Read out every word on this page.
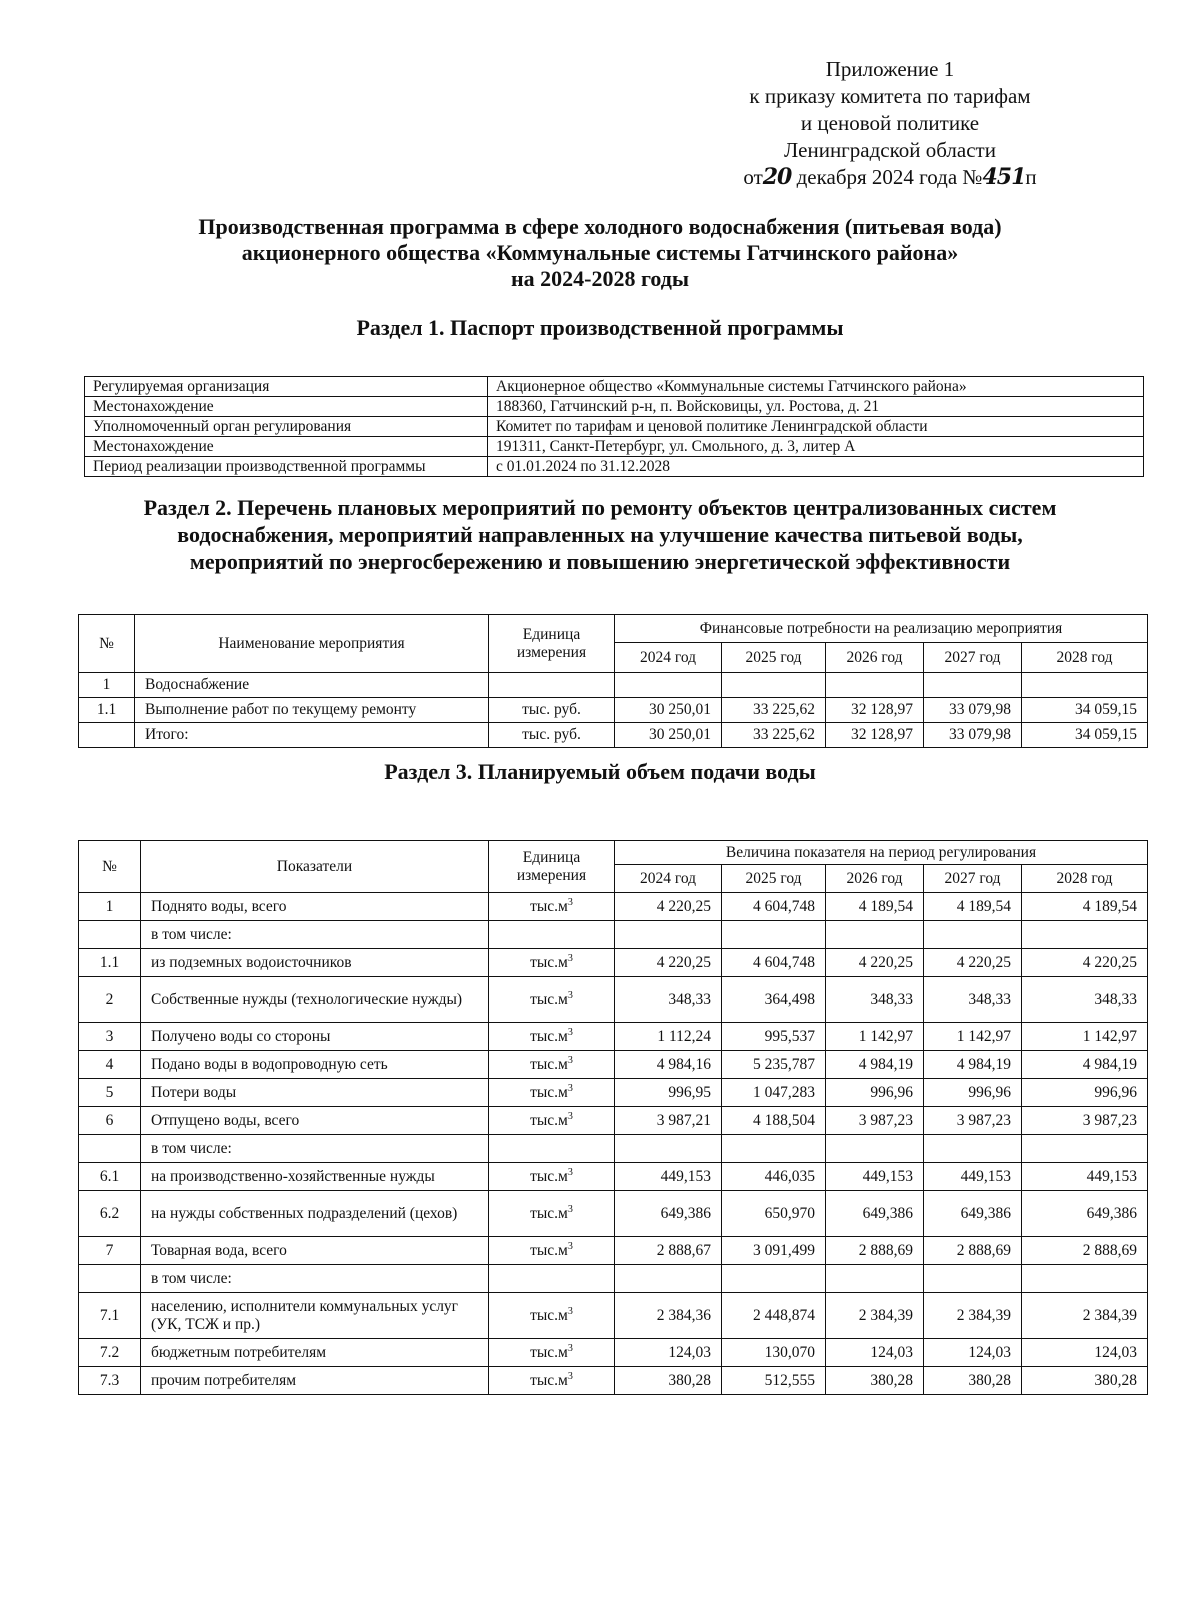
Приложение 1
к приказу комитета по тарифам
и ценовой политике
Ленинградской области
от20 декабря 2024 года №451п
Производственная программа в сфере холодного водоснабжения (питьевая вода)
акционерного общества «Коммунальные системы Гатчинского района»
на 2024-2028 годы
Раздел 1. Паспорт производственной программы
Регулируемая организация	Акционерное общество «Коммунальные системы Гатчинского района»
Местонахождение	188360, Гатчинский р-н, п. Войсковицы, ул. Ростова, д. 21
Уполномоченный орган регулирования	Комитет по тарифам и ценовой политике Ленинградской области
Местонахождение	191311, Санкт-Петербург, ул. Смольного, д. 3, литер А
Период реализации производственной программы	с 01.01.2024 по 31.12.2028
Раздел 2. Перечень плановых мероприятий по ремонту объектов централизованных систем
водоснабжения, мероприятий направленных на улучшение качества питьевой воды,
мероприятий по энергосбережению и повышению энергетической эффективности
№	Наименование мероприятия	Единица измерения	Финансовые потребности на реализацию мероприятия				
			2024 год	2025 год	2026 год	2027 год	2028 год
1	Водоснабжение						
1.1	Выполнение работ по текущему ремонту	тыс. руб.	30 250,01	33 225,62	32 128,97	33 079,98	34 059,15
	Итого:	тыс. руб.	30 250,01	33 225,62	32 128,97	33 079,98	34 059,15
Раздел 3. Планируемый объем подачи воды
№	Показатели	Единица измерения	Величина показателя на период регулирования				
			2024 год	2025 год	2026 год	2027 год	2028 год
1	Поднято воды, всего	$тыс.м^3$	4 220,25	4 604,748	4 189,54	4 189,54	4 189,54
	в том числе:						
1.1	из подземных водоисточников	$тыс.м^3$	4 220,25	4 604,748	4 220,25	4 220,25	4 220,25
2	Собственные нужды (технологические нужды)	$тыс.м^3$	348,33	364,498	348,33	348,33	348,33
3	Получено воды со стороны	$тыс.м^3$	1 112,24	995,537	1 142,97	1 142,97	1 142,97
4	Подано воды в водопроводную сеть	$тыс.м^3$	4 984,16	5 235,787	4 984,19	4 984,19	4 984,19
5	Потери воды	$тыс.м^3$	996,95	1 047,283	996,96	996,96	996,96
6	Отпущено воды, всего	$тыс.м^3$	3 987,21	4 188,504	3 987,23	3 987,23	3 987,23
	в том числе:						
6.1	на производственно-хозяйственные нужды	$тыс.м^3$	449,153	446,035	449,153	449,153	449,153
6.2	на нужды собственных подразделений (цехов)	$тыс.м^3$	649,386	650,970	649,386	649,386	649,386
7	Товарная вода, всего	$тыс.м^3$	2 888,67	3 091,499	2 888,69	2 888,69	2 888,69
	в том числе:						
7.1	населению, исполнители коммунальных услуг (УК, ТСЖ и пр.)	$тыс.м^3$	2 384,36	2 448,874	2 384,39	2 384,39	2 384,39
7.2	бюджетным потребителям	$тыс.м^3$	124,03	130,070	124,03	124,03	124,03
7.3	прочим потребителям	$тыс.м^3$	380,28	512,555	380,28	380,28	380,28
